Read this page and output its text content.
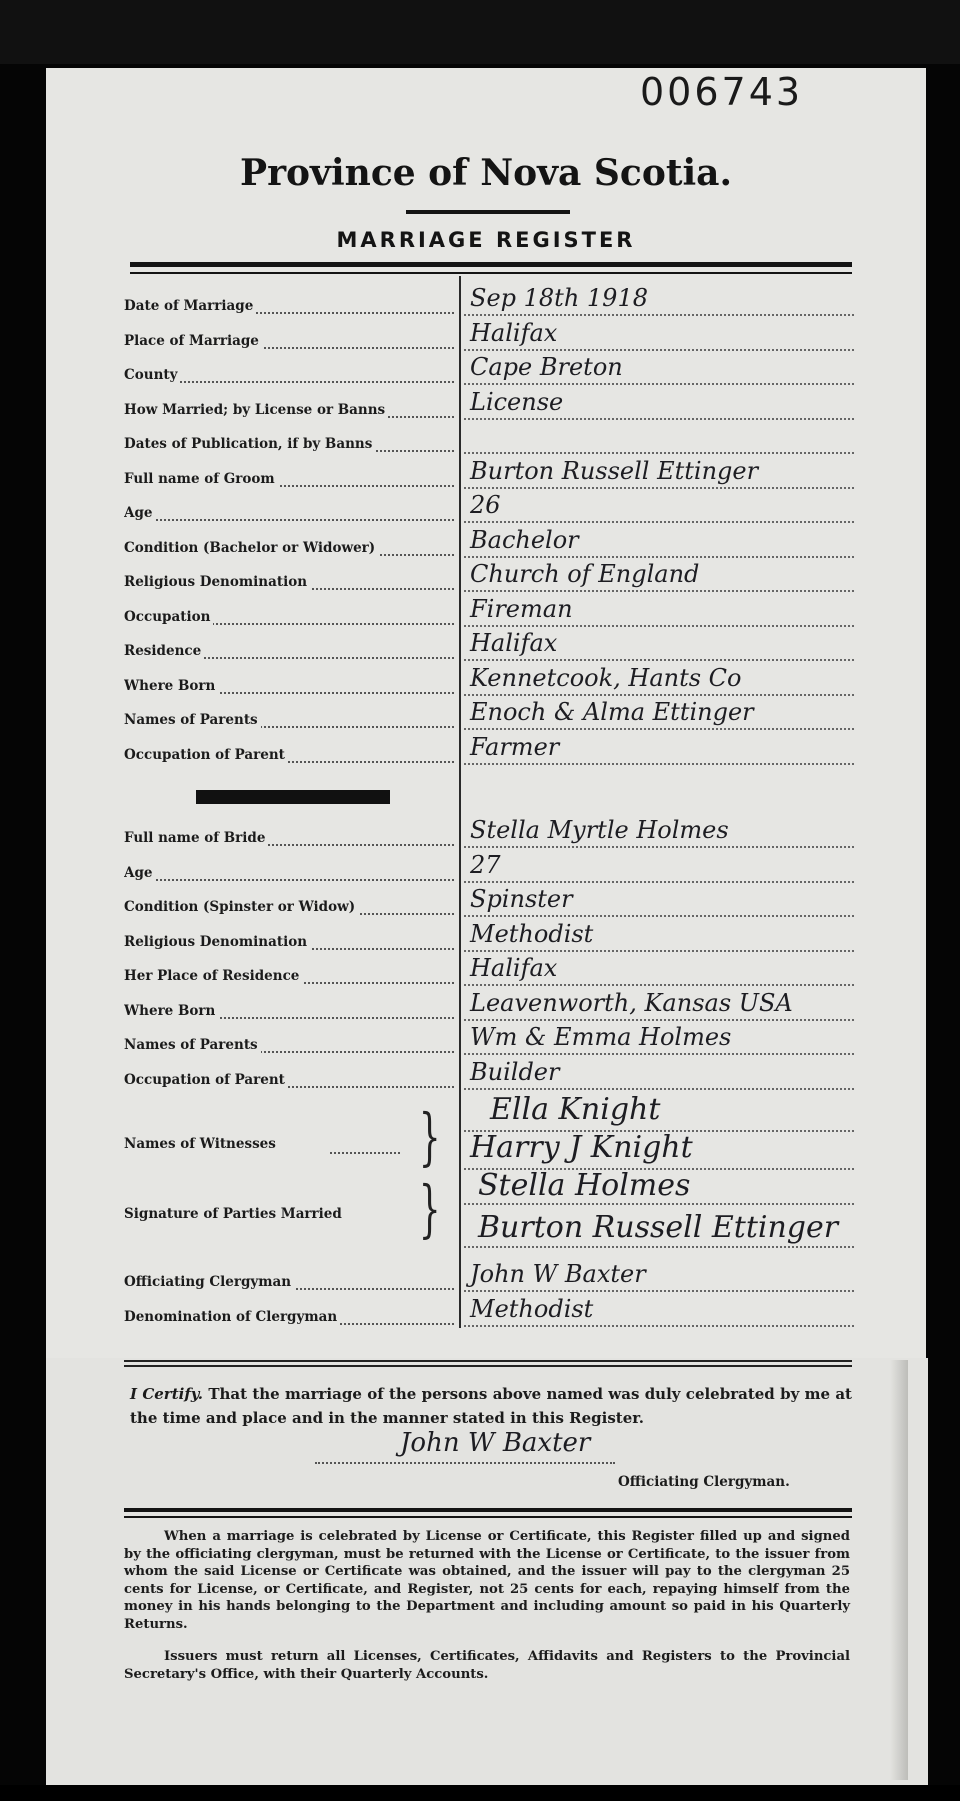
006743
Province of Nova Scotia.
MARRIAGE REGISTER
Date of Marriage	Sep 18th 1918
Place of Marriage	Halifax
County	Cape Breton
How Married; by License or Banns	License
Dates of Publication, if by Banns
Full name of Groom	Burton Russell Ettinger
Age	26
Condition (Bachelor or Widower)	Bachelor
Religious Denomination	Church of England
Occupation	Fireman
Residence	Halifax
Where Born	Kennetcook, Hants Co
Names of Parents	Enoch & Alma Ettinger
Occupation of Parent	Farmer
Full name of Bride	Stella Myrtle Holmes
Age	27
Condition (Spinster or Widow)	Spinster
Religious Denomination	Methodist
Her Place of Residence	Halifax
Where Born	Leavenworth, Kansas USA
Names of Parents	Wm & Emma Holmes
Occupation of Parent	Builder
Names of Witnesses	} Ella Knight
Harry J Knight
Signature of Parties Married	} Stella Holmes
Burton Russell Ettinger
Officiating Clergyman	John W Baxter
Denomination of Clergyman	Methodist
I Certify. That the marriage of the persons above named was duly celebrated by me at the time and place and in the manner stated in this Register.
John W Baxter
Officiating Clergyman.
When a marriage is celebrated by License or Certificate, this Register filled up and signed by the officiating clergyman, must be returned with the License or Certificate, to the issuer from whom the said License or Certificate was obtained, and the issuer will pay to the clergyman 25 cents for License, or Certificate, and Register, not 25 cents for each, repaying himself from the money in his hands belonging to the Department and including amount so paid in his Quarterly Returns.
Issuers must return all Licenses, Certificates, Affidavits and Registers to the Provincial Secretary's Office, with their Quarterly Accounts.
